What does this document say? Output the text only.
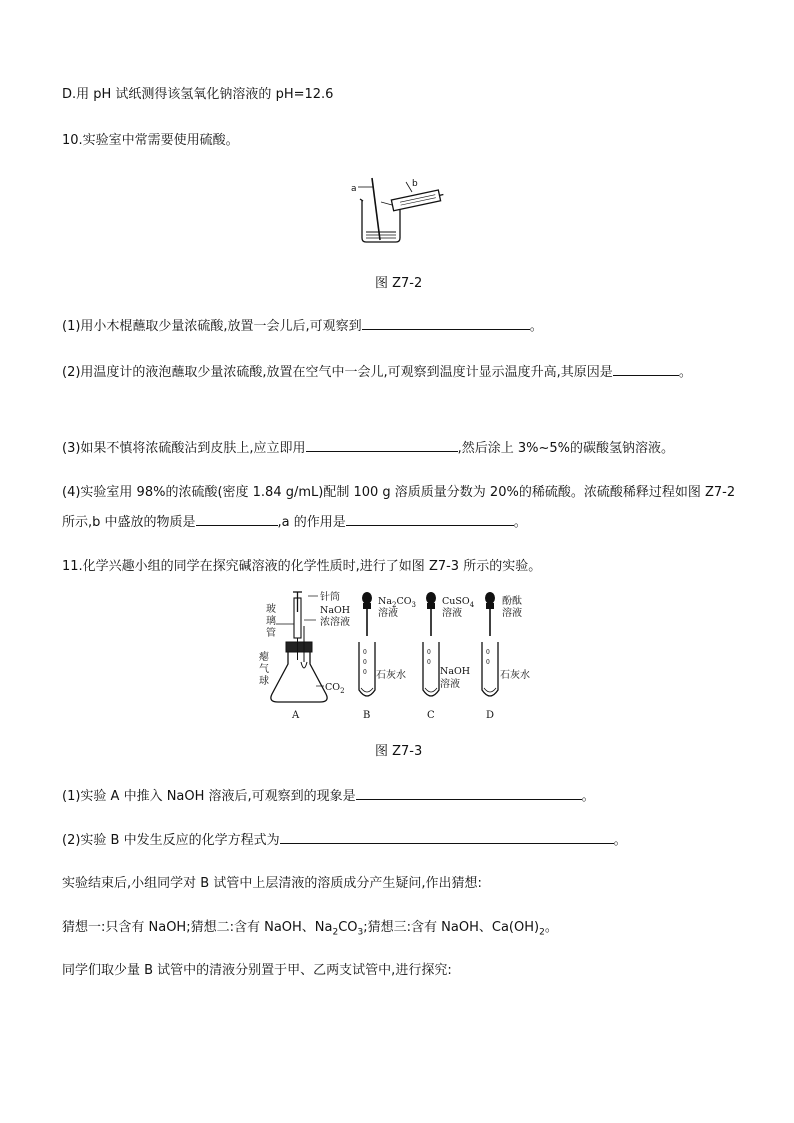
D.用 pH 试纸测得该氢氧化钠溶液的 pH=12.6
10.实验室中常需要使用硫酸。
a	b
图 Z7-2
(1)用小木棍蘸取少量浓硫酸,放置一会儿后,可观察到	。
(2)用温度计的液泡蘸取少量浓硫酸,放置在空气中一会儿,可观察到温度计显示温度升高,其原因是	。
(3)如果不慎将浓硫酸沾到皮肤上,应立即用	,然后涂上 3%~5%的碳酸氢钠溶液。
(4)实验室用 98%的浓硫酸(密度 1.84 g/mL)配制 100 g 溶质质量分数为 20%的稀硫酸。浓硫酸稀释过程如图 Z7-2
所示,b 中盛放的物质是	,a 的作用是	。
11.化学兴趣小组的同学在探究碱溶液的化学性质时,进行了如图 Z7-3 所示的实验。
针筒
NaOH
浓溶液
玻
璃
管
瘪
气
球
$CO_2$
A
0
0
0
$Na_2CO_3$
溶液
石灰水
B
0
0
CuSO$_4$
溶液
NaOH
溶液
C
0
0
酚酞
溶液
石灰水
D
图 Z7-3
(1)实验 A 中推入 NaOH 溶液后,可观察到的现象是	。
(2)实验 B 中发生反应的化学方程式为	。
实验结束后,小组同学对 B 试管中上层清液的溶质成分产生疑问,作出猜想:
猜想一:只含有 NaOH;猜想二:含有 NaOH、$Na_2CO_3$;猜想三:含有 NaOH、$Ca(OH)_2$。
同学们取少量 B 试管中的清液分别置于甲、乙两支试管中,进行探究:
